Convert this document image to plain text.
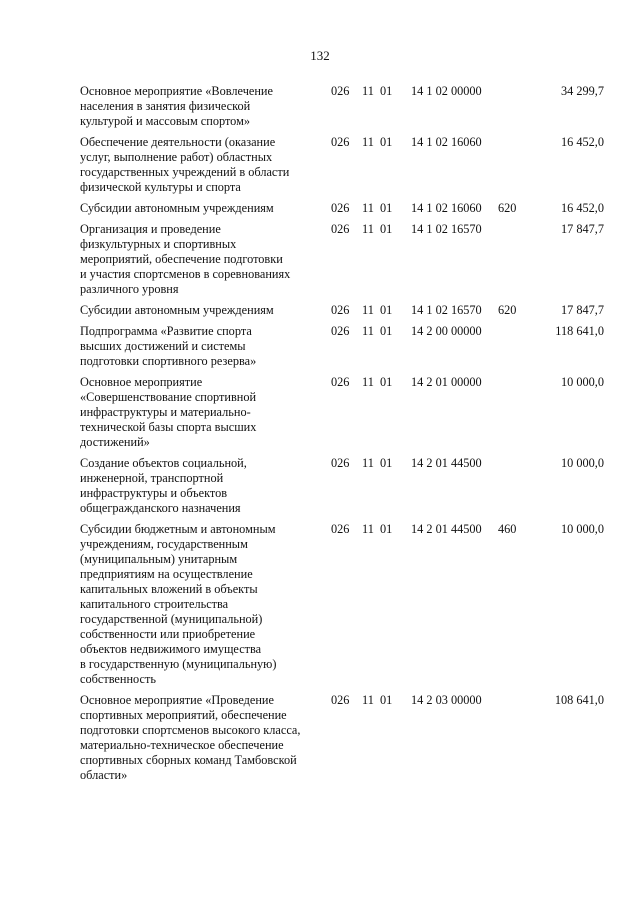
132
Основное мероприятие «Вовлечение
населения в занятия физической
культурой и массовым спортом»
026 11 01 14 1 02 00000	34 299,7
Обеспечение деятельности (оказание
услуг, выполнение работ) областных
государственных учреждений в области
физической культуры и спорта
026 11 01 14 1 02 16060	16 452,0
Субсидии автономным учреждениям	026 11 01 14 1 02 16060 620	16 452,0
Организация и проведение
физкультурных и спортивных
мероприятий, обеспечение подготовки
и участия спортсменов в соревнованиях
различного уровня
026 11 01 14 1 02 16570	17 847,7
Субсидии автономным учреждениям	026 11 01 14 1 02 16570 620	17 847,7
Подпрограмма «Развитие спорта
высших достижений и системы
подготовки спортивного резерва»
026 11 01 14 2 00 00000	118 641,0
Основное мероприятие
«Совершенствование спортивной
инфраструктуры и материально-
технической базы спорта высших
достижений»
026 11 01 14 2 01 00000	10 000,0
Создание объектов социальной,
инженерной, транспортной
инфраструктуры и объектов
общегражданского назначения
026 11 01 14 2 01 44500	10 000,0
Субсидии бюджетным и автономным
учреждениям, государственным
(муниципальным) унитарным
предприятиям на осуществление
капитальных вложений в объекты
капитального строительства
государственной (муниципальной)
собственности или приобретение
объектов недвижимого имущества
в государственную (муниципальную)
собственность
026 11 01 14 2 01 44500 460	10 000,0
Основное мероприятие «Проведение
спортивных мероприятий, обеспечение
подготовки спортсменов высокого класса,
материально-техническое обеспечение
спортивных сборных команд Тамбовской
области»
026 11 01 14 2 03 00000	108 641,0
